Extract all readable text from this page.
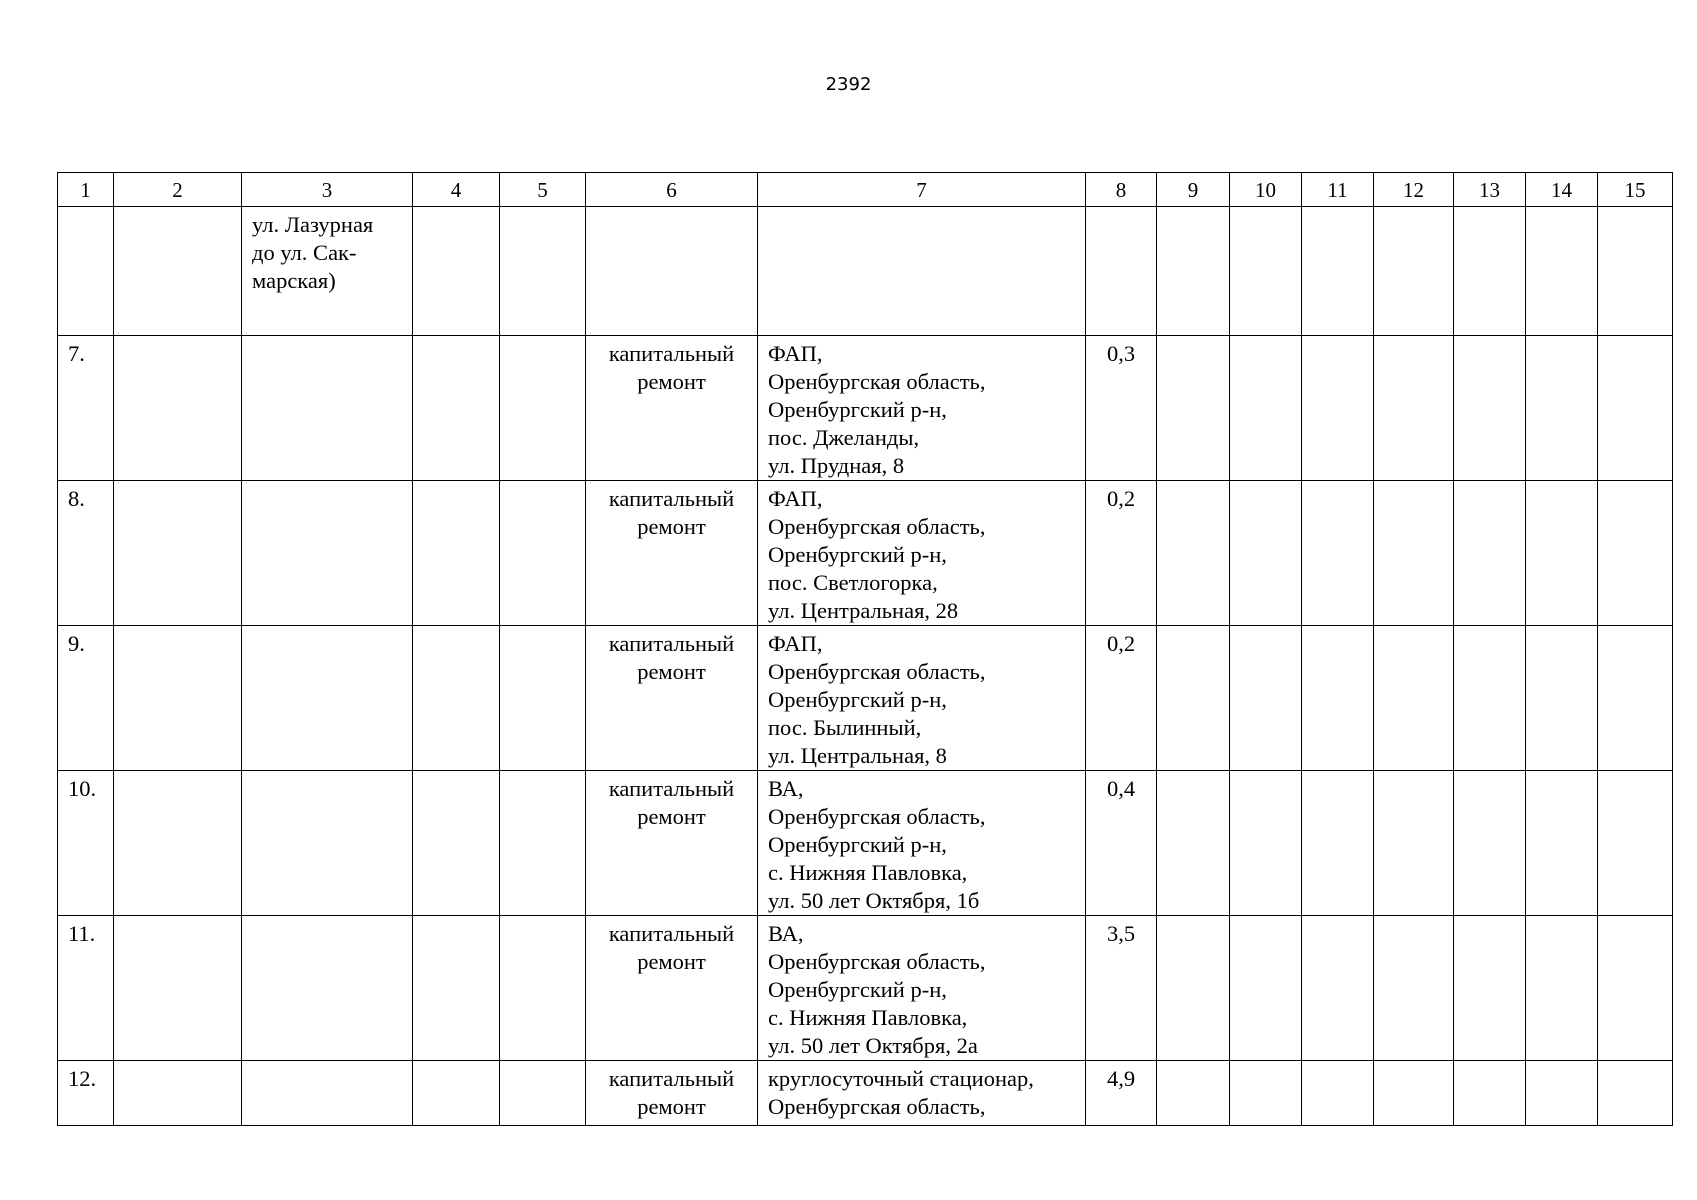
2392
1	2	3	4	5	6	7	8	9	10	11	12	13	14	15
		ул. Лазурная
до ул. Сак-
марская)												
7.					капитальный
ремонт	ФАП,
Оренбургская область,
Оренбургский р-н,
пос. Джеланды,
ул. Прудная, 8	0,3							
8.					капитальный
ремонт	ФАП,
Оренбургская область,
Оренбургский р-н,
пос. Светлогорка,
ул. Центральная, 28	0,2							
9.					капитальный
ремонт	ФАП,
Оренбургская область,
Оренбургский р-н,
пос. Былинный,
ул. Центральная, 8	0,2							
10.					капитальный
ремонт	ВА,
Оренбургская область,
Оренбургский р-н,
с. Нижняя Павловка,
ул. 50 лет Октября, 1б	0,4							
11.					капитальный
ремонт	ВА,
Оренбургская область,
Оренбургский р-н,
с. Нижняя Павловка,
ул. 50 лет Октября, 2а	3,5							
12.					капитальный
ремонт	круглосуточный стационар,
Оренбургская область,	4,9							
